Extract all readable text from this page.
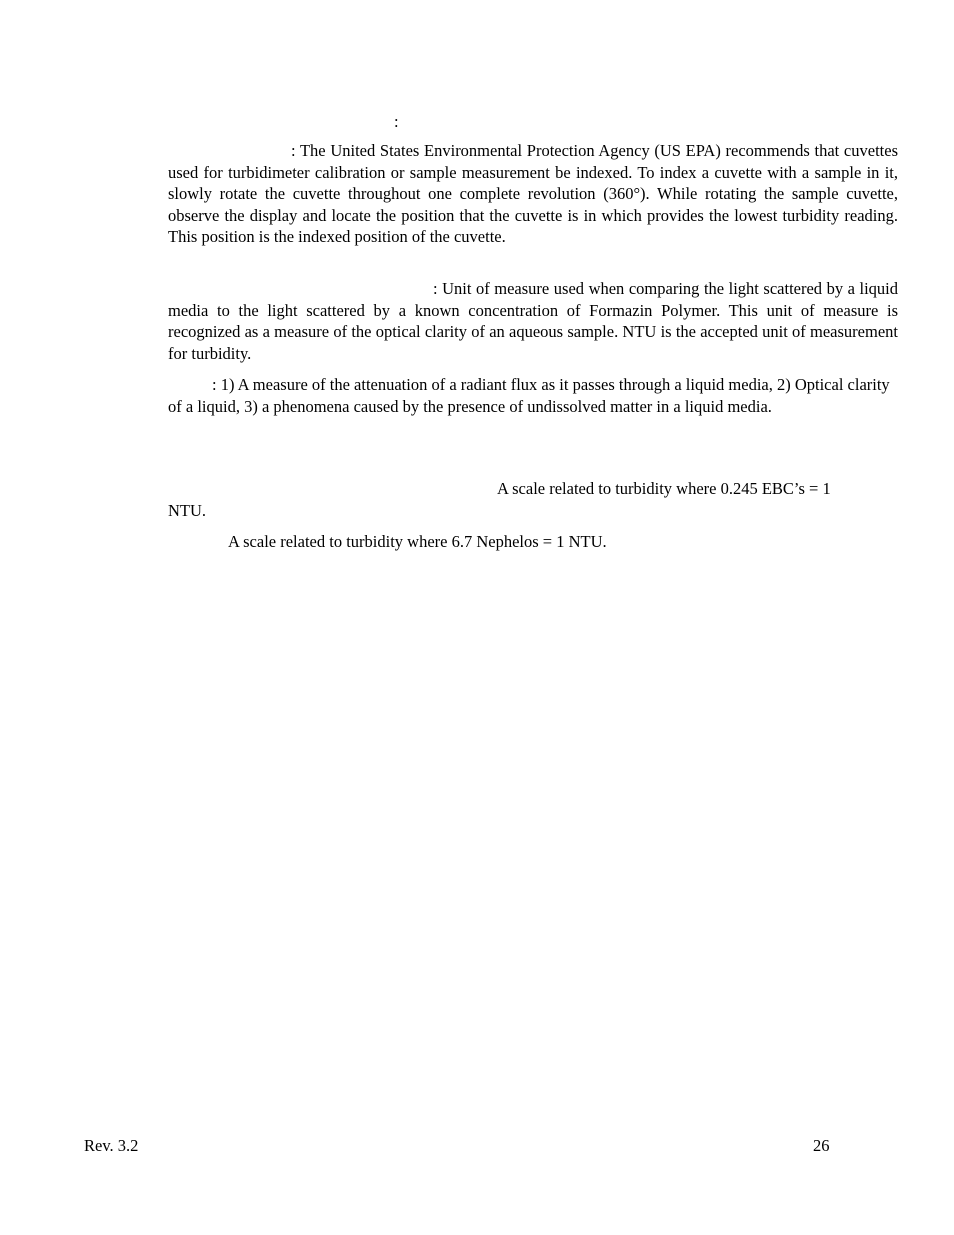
:

: The United States Environmental Protection Agency (US EPA) recommends that cuvettes used for turbidimeter calibration or sample measurement be indexed. To index a cuvette with a sample in it, slowly rotate the cuvette throughout one complete revolution (360°). While rotating the sample cuvette, observe the display and locate the position that the cuvette is in which provides the lowest turbidity reading. This position is the indexed position of the cuvette.

: Unit of measure used when comparing the light scattered by a liquid media to the light scattered by a known concentration of Formazin Polymer. This unit of measure is recognized as a measure of the optical clarity of an aqueous sample. NTU is the accepted unit of measurement for turbidity.

: 1) A measure of the attenuation of a radiant flux as it passes through a liquid media, 2) Optical clarity of a liquid, 3) a phenomena caused by the presence of undissolved matter in a liquid media.

A scale related to turbidity where 0.245 EBC’s = 1
NTU.
A scale related to turbidity where 6.7 Nephelos = 1 NTU.
Rev. 3.2	26
